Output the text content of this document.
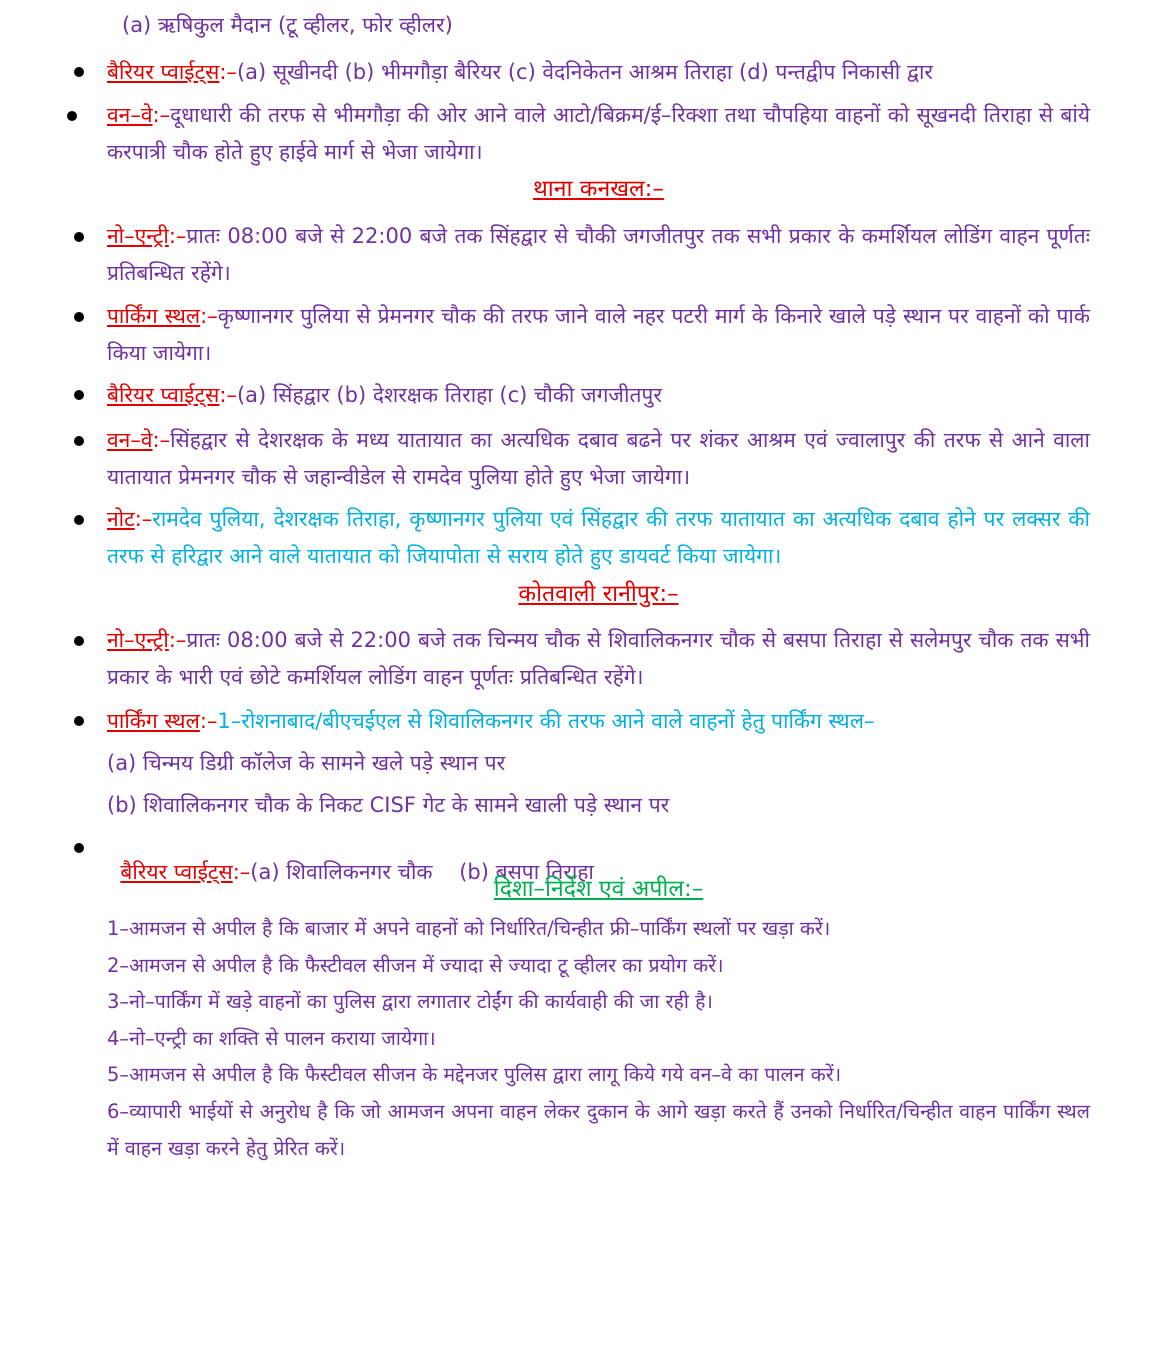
(a) ऋषिकुल मैदान (टू व्हीलर, फोर व्हीलर)
बैरियर प्वाईट्स:–(a) सूखीनदी (b) भीमगौड़ा बैरियर (c) वेदनिकेतन आश्रम तिराहा (d) पन्तद्वीप निकासी द्वार
वन–वे:–दूधाधारी की तरफ से भीमगौड़ा की ओर आने वाले आटो/बिक्रम/ई–रिक्शा तथा चौपहिया वाहनों को सूखनदी तिराहा से बांये करपात्री चौक होते हुए हाईवे मार्ग से भेजा जायेगा।
थाना कनखल:–
नो–एन्ट्री:–प्रातः 08:00 बजे से 22:00 बजे तक सिंहद्वार से चौकी जगजीतपुर तक सभी प्रकार के कमर्शियल लोडिंग वाहन पूर्णतः प्रतिबन्धित रहेंगे।
पार्किंग स्थल:–कृष्णानगर पुलिया से प्रेमनगर चौक की तरफ जाने वाले नहर पटरी मार्ग के किनारे खाले पड़े स्थान पर वाहनों को पार्क किया जायेगा।
बैरियर प्वाईट्स:–(a) सिंहद्वार (b) देशरक्षक तिराहा (c) चौकी जगजीतपुर
वन–वे:–सिंहद्वार से देशरक्षक के मध्य यातायात का अत्यधिक दबाव बढने पर शंकर आश्रम एवं ज्वालापुर की तरफ से आने वाला यातायात प्रेमनगर चौक से जहान्वीडेल से रामदेव पुलिया होते हुए भेजा जायेगा।
नोट:–रामदेव पुलिया, देशरक्षक तिराहा, कृष्णानगर पुलिया एवं सिंहद्वार की तरफ यातायात का अत्यधिक दबाव होने पर लक्सर की तरफ से हरिद्वार आने वाले यातायात को जियापोता से सराय होते हुए डायवर्ट किया जायेगा।
कोतवाली रानीपुर:–
नो–एन्ट्री:–प्रातः 08:00 बजे से 22:00 बजे तक चिन्मय चौक से शिवालिकनगर चौक से बसपा तिराहा से सलेमपुर चौक तक सभी प्रकार के भारी एवं छोटे कमर्शियल लोडिंग वाहन पूर्णतः प्रतिबन्धित रहेंगे।
पार्किंग स्थल:–1–रोशनाबाद/बीएचईएल से शिवालिकनगर की तरफ आने वाले वाहनों हेतु पार्किंग स्थल–
(a) चिन्मय डिग्री कॉलेज के सामने खले पड़े स्थान पर
(b) शिवालिकनगर चौक के निकट CISF गेट के सामने खाली पड़े स्थान पर

बैरियर प्वाईट्स:–(a) शिवालिकनगर चौक    (b) बसपा तिराहा

दिशा–निर्देश एवं अपील:–
1–आमजन से अपील है कि बाजार में अपने वाहनों को निर्धारित/चिन्हीत फ्री–पार्किंग स्थलों पर खड़ा करें।
2–आमजन से अपील है कि फैस्टीवल सीजन में ज्यादा से ज्यादा टू व्हीलर का प्रयोग करें।
3–नो–पार्किंग में खड़े वाहनों का पुलिस द्वारा लगातार टोईंग की कार्यवाही की जा रही है।
4–नो–एन्ट्री का शक्ति से पालन कराया जायेगा।
5–आमजन से अपील है कि फैस्टीवल सीजन के मद्देनजर पुलिस द्वारा लागू किये गये वन–वे का पालन करें।
6–व्यापारी भाईयों से अनुरोध है कि जो आमजन अपना वाहन लेकर दुकान के आगे खड़ा करते हैं उनको निर्धारित/चिन्हीत वाहन पार्किंग स्थल में वाहन खड़ा करने हेतु प्रेरित करें।
